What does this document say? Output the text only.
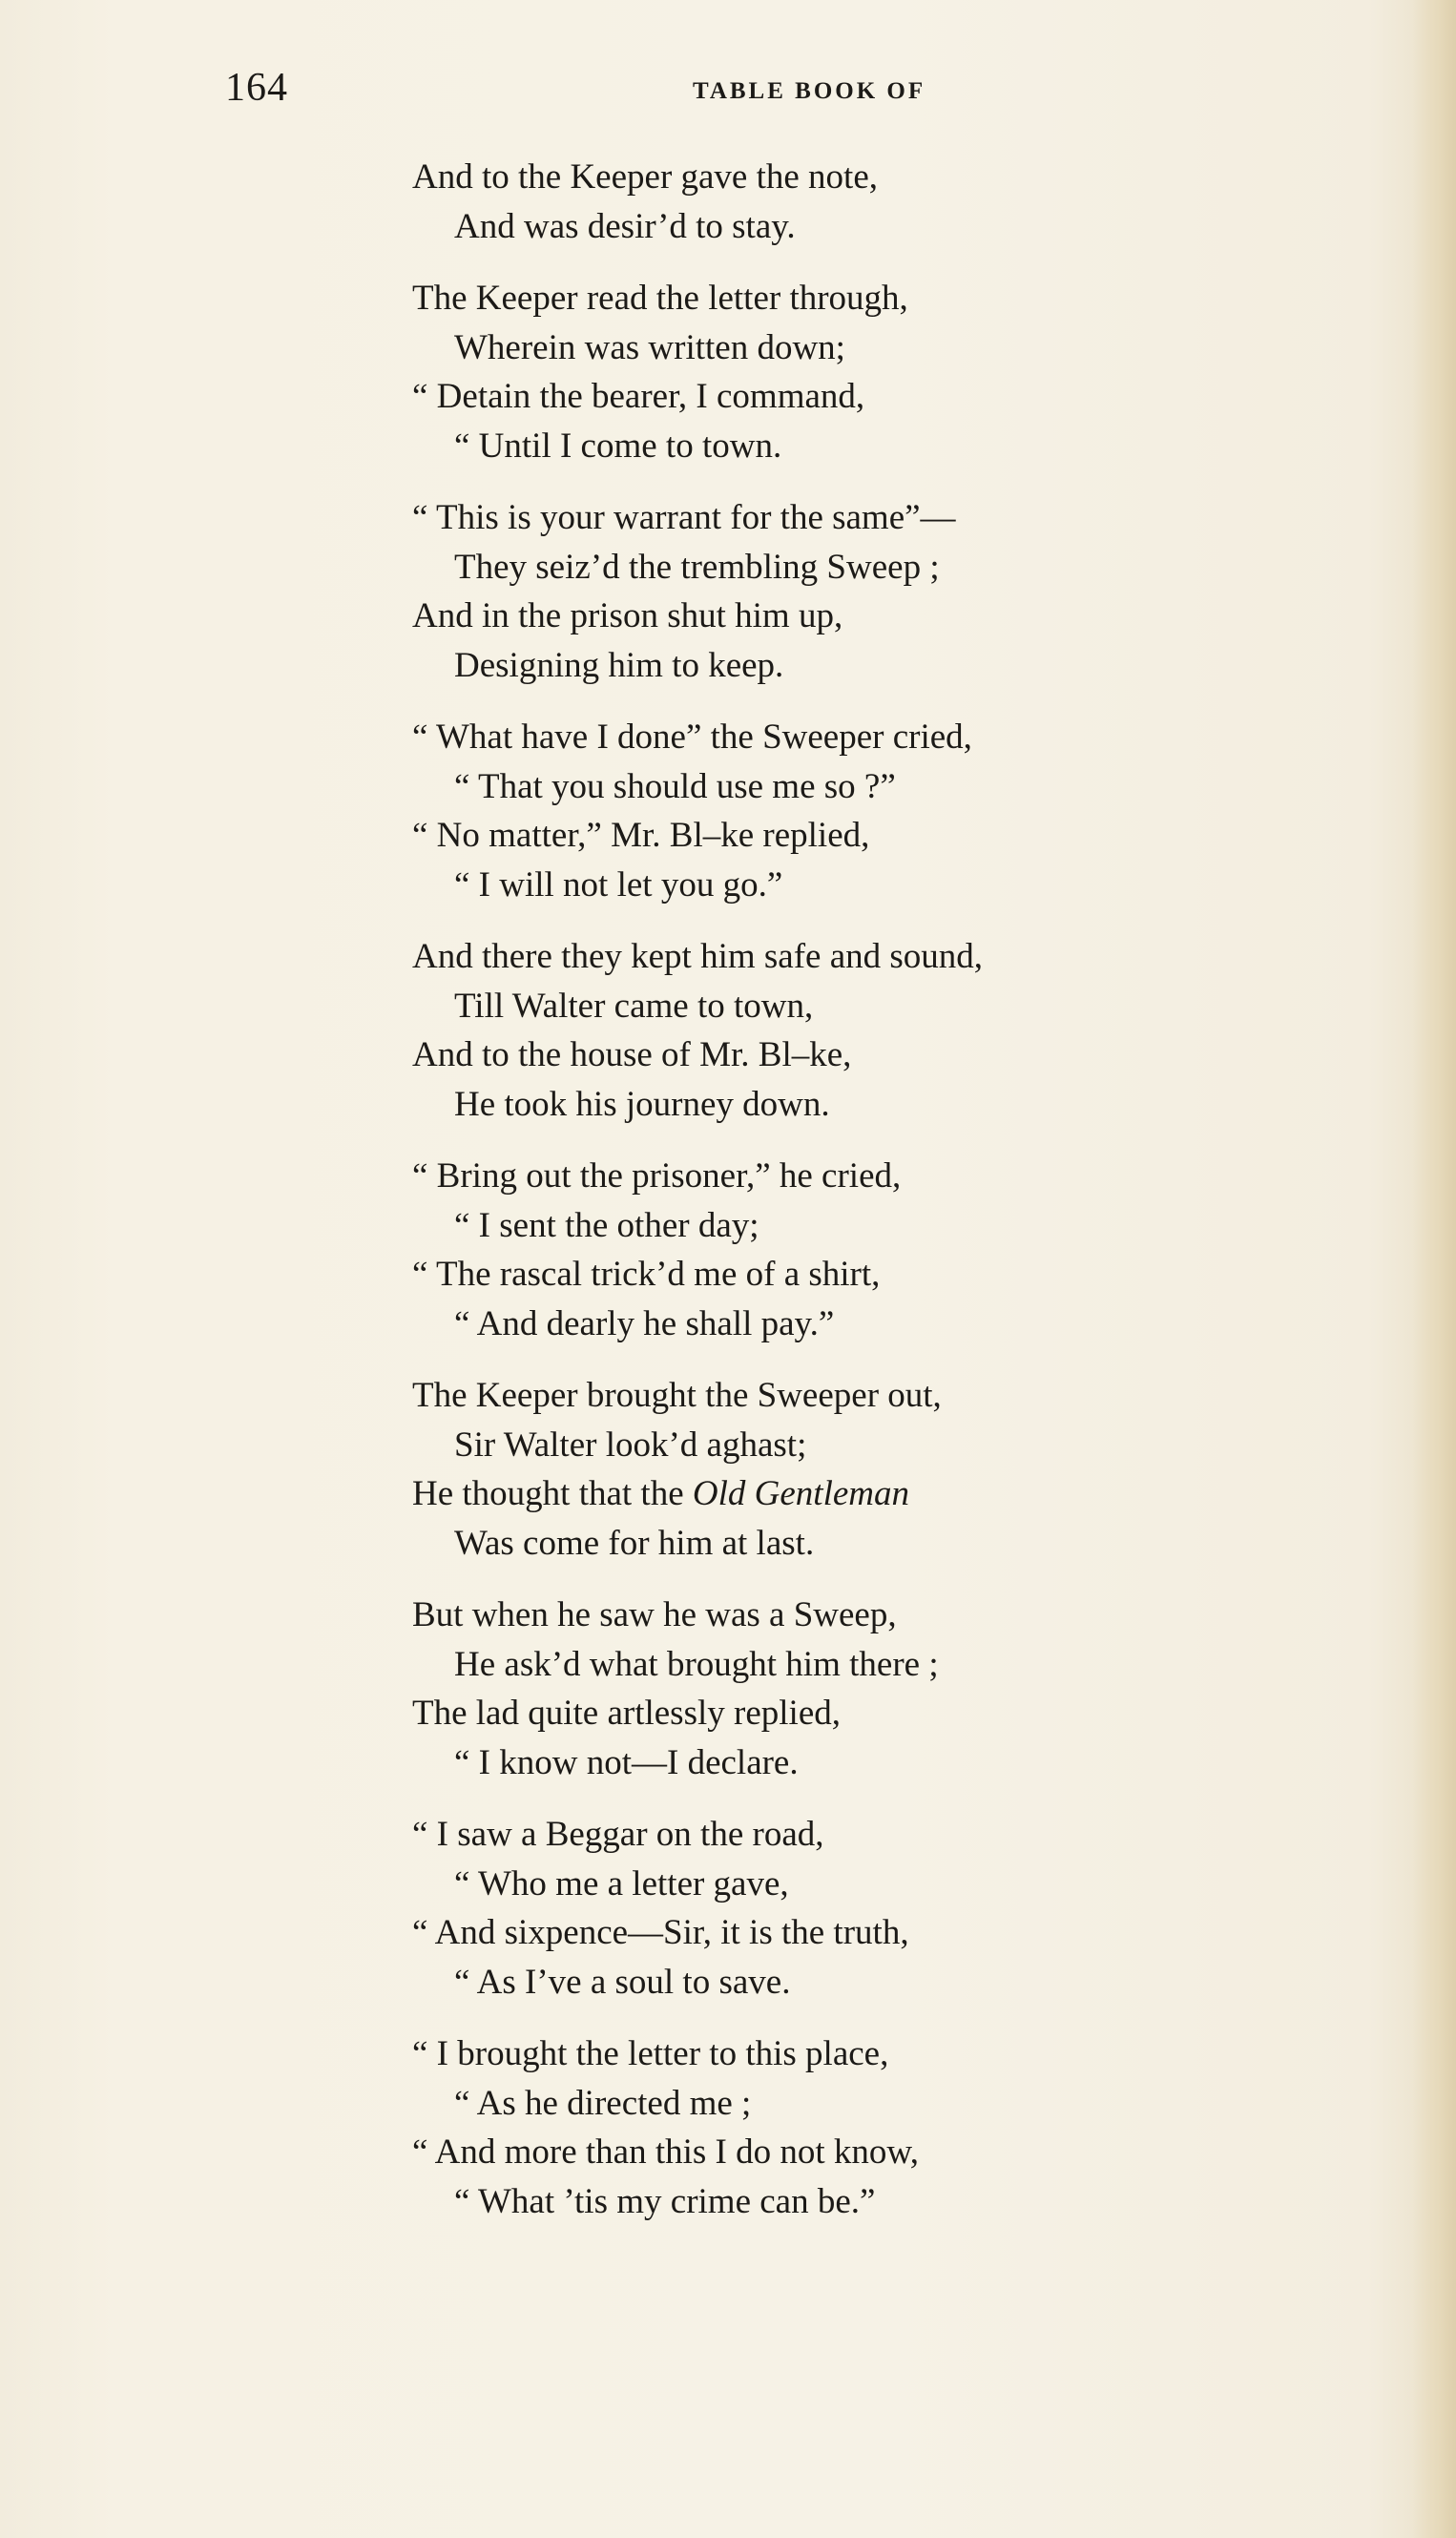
164	TABLE BOOK OF
And to the Keeper gave the note,
And was desir’d to stay.
The Keeper read the letter through,
Wherein was written down;
“ Detain the bearer, I command,
“ Until I come to town.
“ This is your warrant for the same”—
They seiz’d the trembling Sweep ;
And in the prison shut him up,
Designing him to keep.
“ What have I done” the Sweeper cried,
“ That you should use me so ?”
“ No matter,” Mr. Bl–ke replied,
“ I will not let you go.”
And there they kept him safe and sound,
Till Walter came to town,
And to the house of Mr. Bl–ke,
He took his journey down.
“ Bring out the prisoner,” he cried,
“ I sent the other day;
“ The rascal trick’d me of a shirt,
“ And dearly he shall pay.”
The Keeper brought the Sweeper out,
Sir Walter look’d aghast;
He thought that the Old Gentleman
Was come for him at last.
But when he saw he was a Sweep,
He ask’d what brought him there ;
The lad quite artlessly replied,
“ I know not—I declare.
“ I saw a Beggar on the road,
“ Who me a letter gave,
“ And sixpence—Sir, it is the truth,
“ As I’ve a soul to save.
“ I brought the letter to this place,
“ As he directed me ;
“ And more than this I do not know,
“ What ’tis my crime can be.”
